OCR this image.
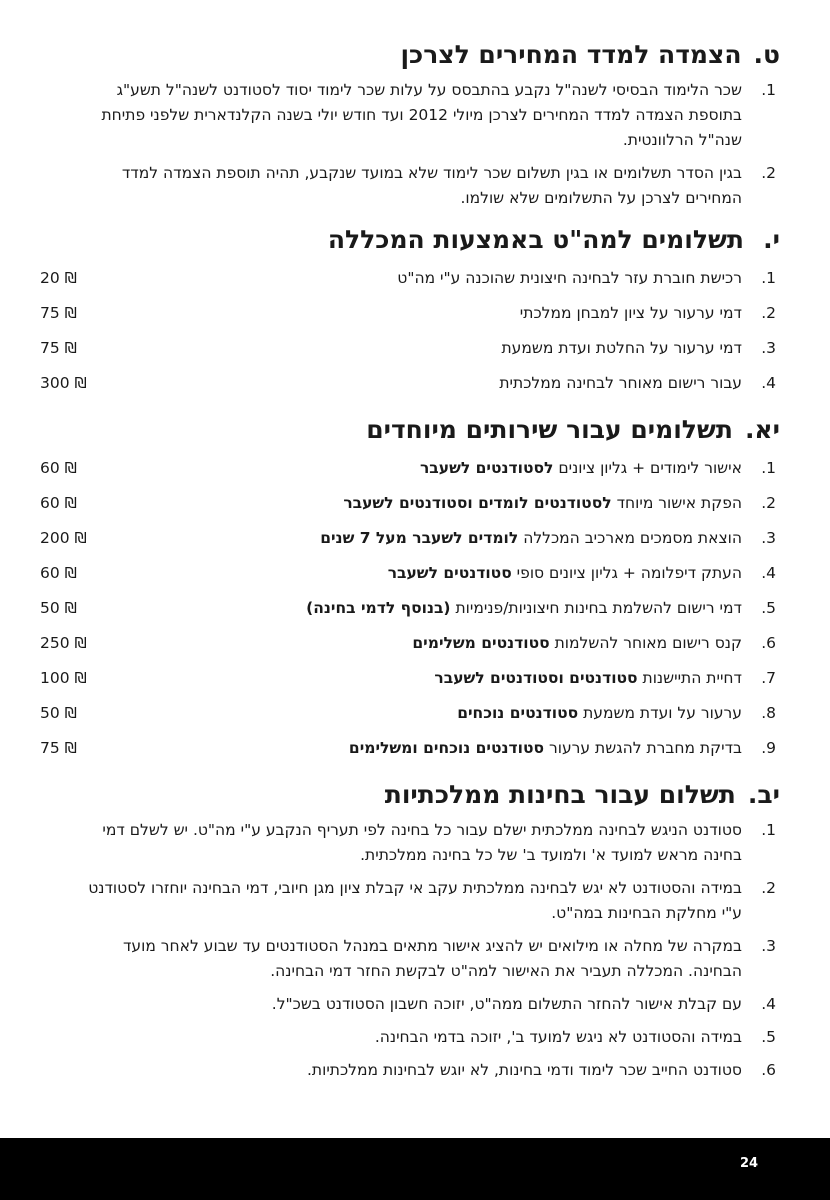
ט.
הצמדה למדד המחירים לצרכן
1.
שכר הלימוד הבסיסי לשנה"ל נקבע בהתבסס על עלות שכר לימוד יסוד לסטודנט לשנה"ל תשע"ג בתוספת הצמדה למדד המחירים לצרכן מיולי 2012 ועד חודש יולי בשנה הקלנדארית שלפני פתיחת שנה"ל הרלוונטית.
2.
בגין הסדר תשלומים או בגין תשלום שכר לימוד שלא במועד שנקבע, תהיה תוספת הצמדה למדד המחירים לצרכן על התשלומים שלא שולמו.
י.
תשלומים למה"ט באמצעות המכללה
1.
רכישת חוברת עזר לבחינה חיצונית שהוכנה ע"י מה"ט
20 ₪
2.
דמי ערעור על ציון למבחן ממלכתי
75 ₪
3.
דמי ערעור על החלטת ועדת משמעת
75 ₪
4.
עבור רישום מאוחר לבחינה ממלכתית
300 ₪
יא.
תשלומים עבור שירותים מיוחדים
1.
אישור לימודים + גליון ציונים לסטודנטים לשעבר
60 ₪
2.
הפקת אישור מיוחד לסטודנטים לומדים וסטודנטים לשעבר
60 ₪
3.
הוצאת מסמכים מארכיב המכללה לומדים לשעבר מעל 7 שנים
200 ₪
4.
העתק דיפלומה + גליון ציונים סופי סטודנטים לשעבר
60 ₪
5.
דמי רישום להשלמת בחינות חיצוניות/פנימיות (בנוסף לדמי בחינה)
50 ₪
6.
קנס רישום מאוחר להשלמות סטודנטים משלימים
250 ₪
7.
דחיית התיישנות סטודנטים וסטודנטים לשעבר
100 ₪
8.
ערעור על ועדת משמעת סטודנטים נוכחים
50 ₪
9.
בדיקת מחברת להגשת ערעור סטודנטים נוכחים ומשלימים
75 ₪
יב.
תשלום עבור בחינות ממלכתיות
1.
סטודנט הניגש לבחינה ממלכתית ישלם עבור כל בחינה לפי תעריף הנקבע ע"י מה"ט. יש לשלם דמי בחינה מראש למועד א' ולמועד ב' של כל בחינה ממלכתית.
2.
במידה והסטודנט לא יגש לבחינה ממלכתית עקב אי קבלת ציון מגן חיובי, דמי הבחינה יוחזרו לסטודנט ע"י מחלקת הבחינות במה"ט.
3.
במקרה של מחלה או מילואים יש להציג אישור מתאים במנהל הסטודנטים עד שבוע לאחר מועד הבחינה. המכללה תעביר את האישור למה"ט לבקשת החזר דמי הבחינה.
4.
עם קבלת אישור להחזר התשלום ממה"ט, יזוכה חשבון הסטודנט בשכ"ל.
5.
במידה והסטודנט לא ניגש למועד ב', יזוכה בדמי הבחינה.
6.
סטודנט החייב שכר לימוד ודמי בחינות, לא יוגש לבחינות ממלכתיות.
24
